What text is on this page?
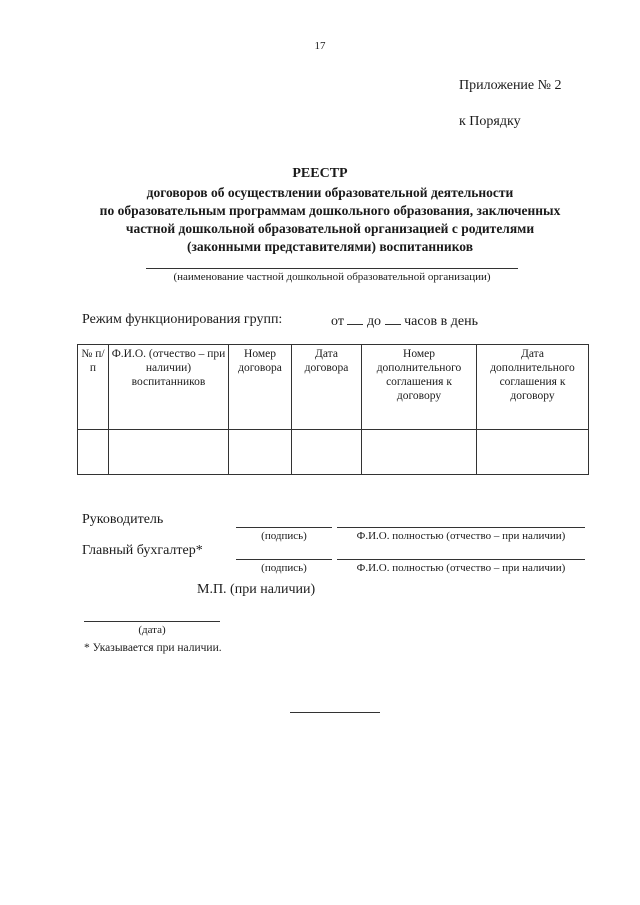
17
Приложение № 2
к Порядку
РЕЕСТР
договоров об осуществлении образовательной деятельности
по образовательным программам дошкольного образования, заключенных
частной дошкольной образовательной организацией с родителями
(законными представителями) воспитанников
(наименование частной дошкольной образовательной организации)
Режим функционирования групп:	от до часов в день
№ п/п	Ф.И.О. (отчество – при наличии) воспитанников	Номер договора	Дата договора	Номер дополнительного соглашения к договору	Дата дополнительного соглашения к договору

Руководитель
(подпись)	Ф.И.О. полностью (отчество – при наличии)
Главный бухгалтер*
(подпись)	Ф.И.О. полностью (отчество – при наличии)
М.П. (при наличии)
(дата)
* Указывается при наличии.
